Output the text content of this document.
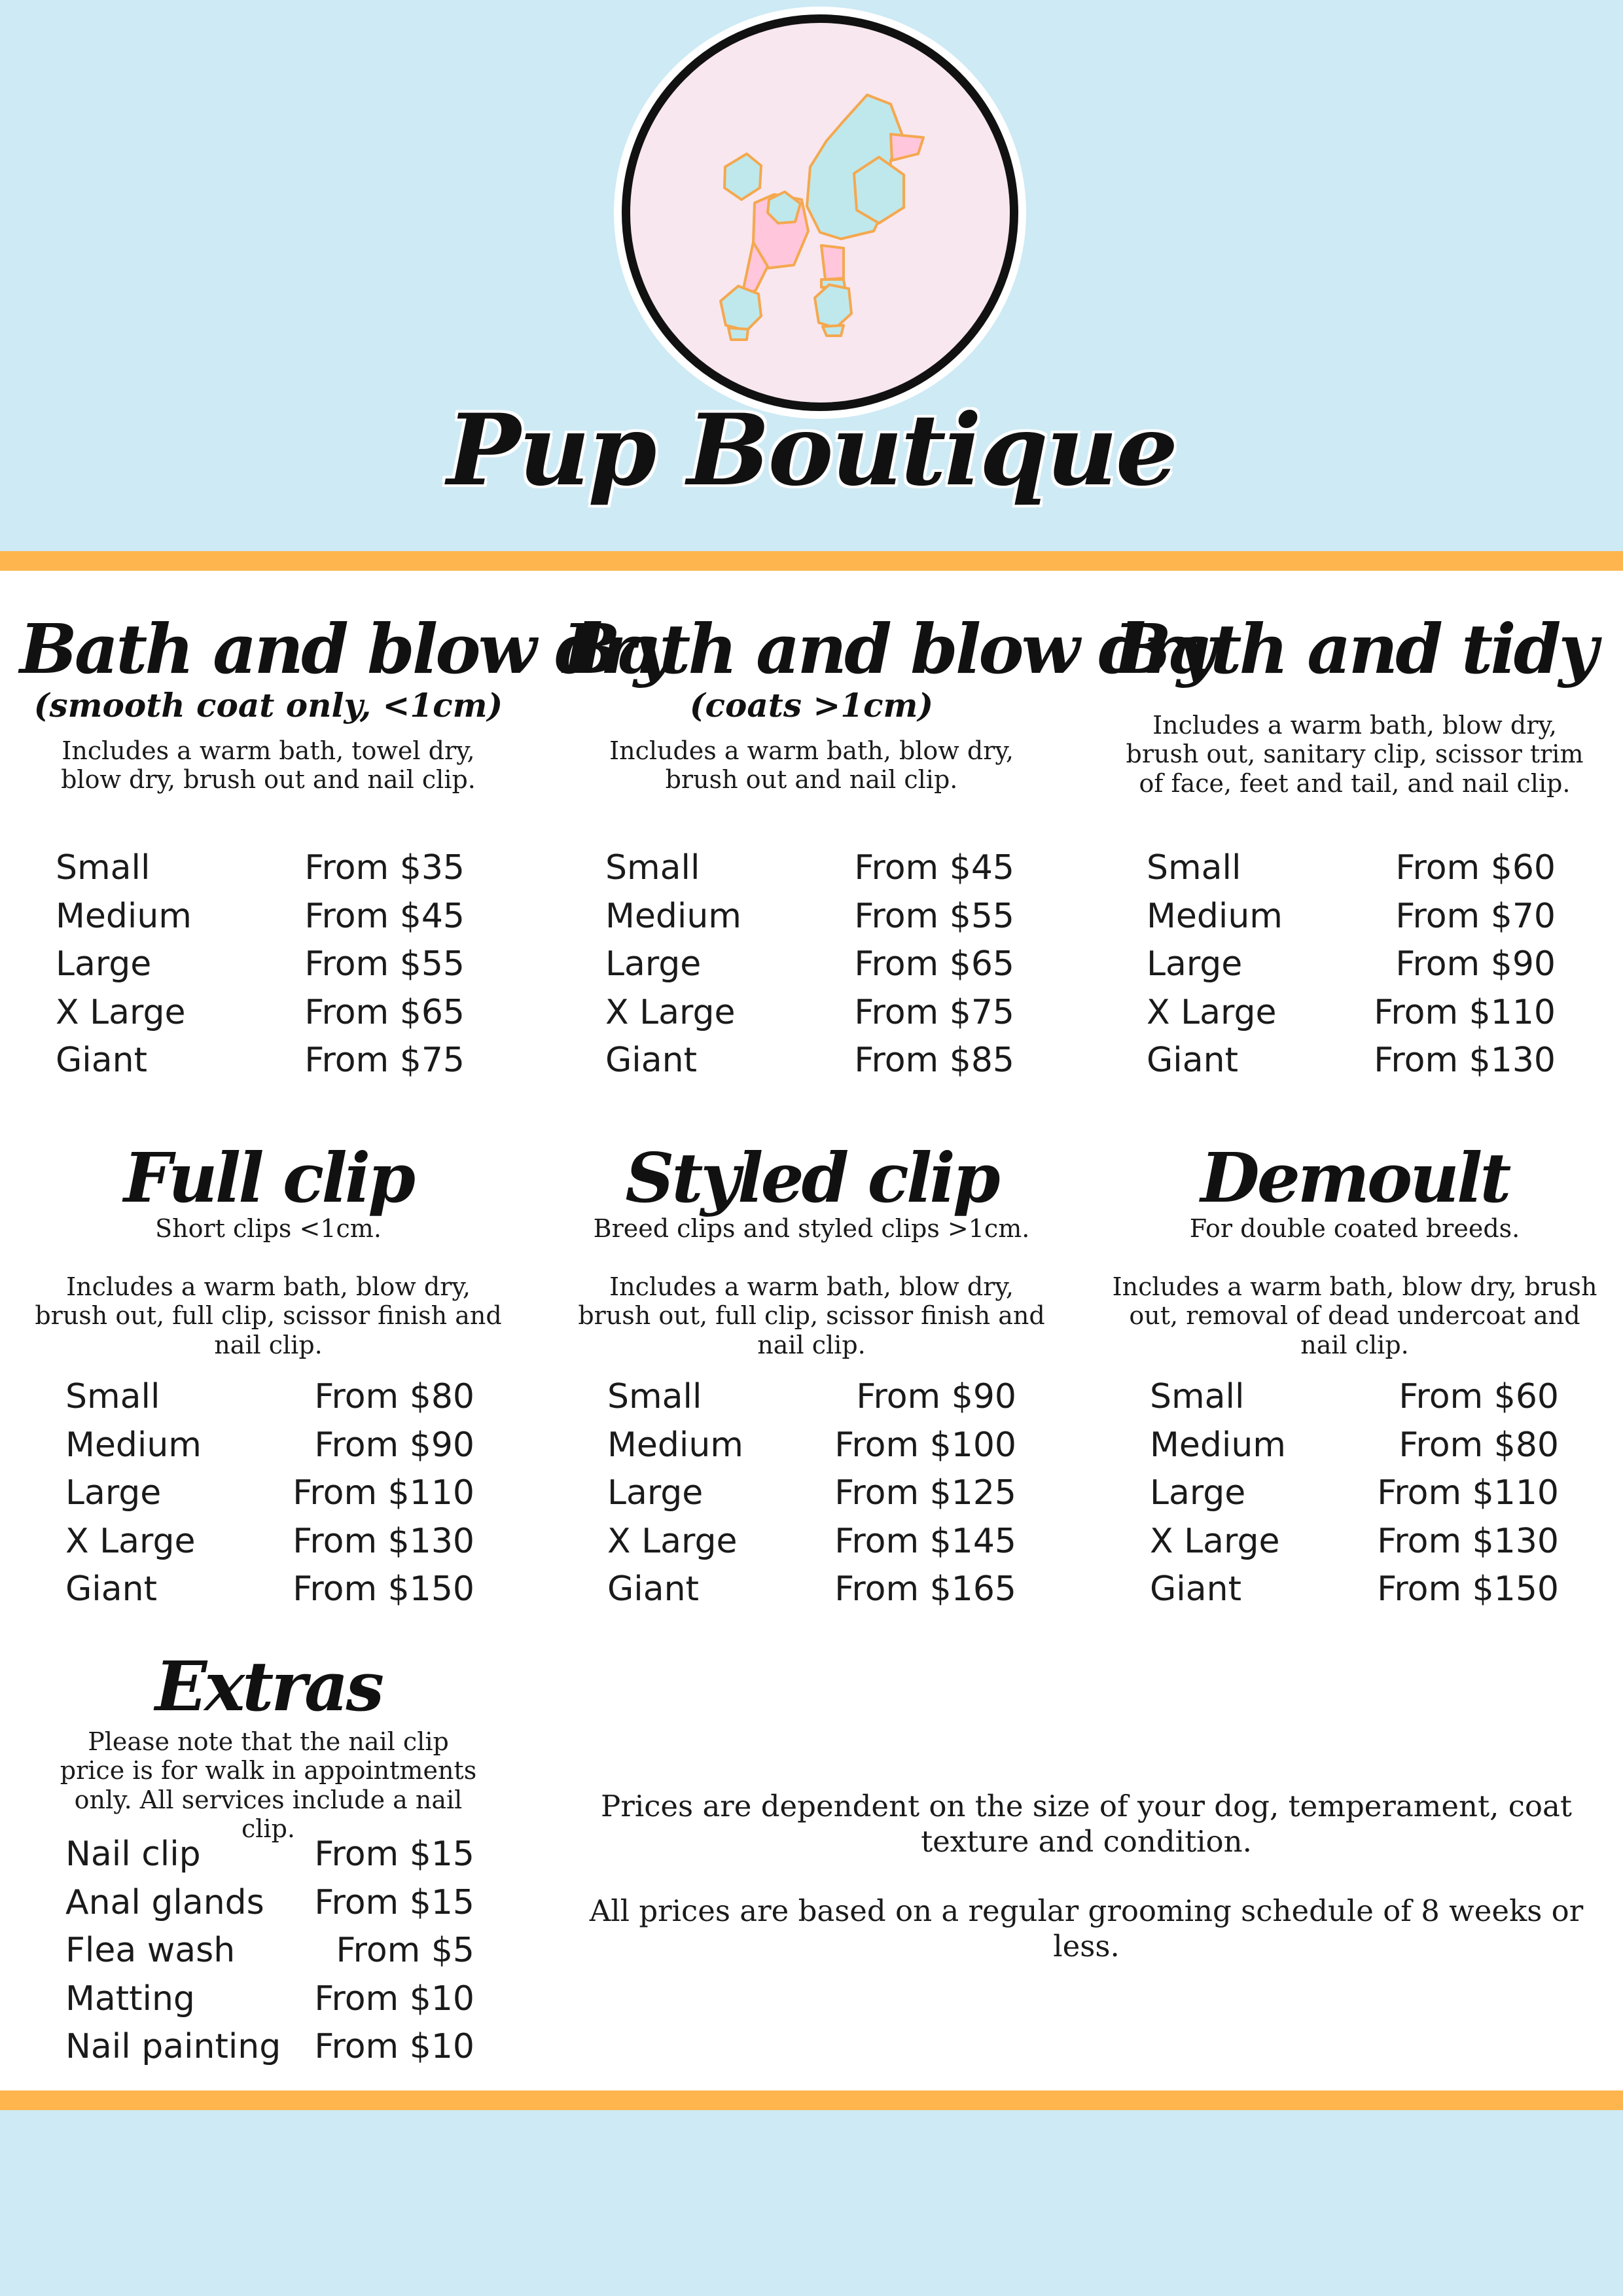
Pup Boutique
Bath and blow dry
(smooth coat only, <1cm)
Includes a warm bath, towel dry, blow dry, brush out and nail clip.
Small	From $35
Medium	From $45
Large	From $55
X Large	From $65
Giant	From $75
Bath and blow dry
(coats >1cm)
Includes a warm bath, blow dry, brush out and nail clip.
Small	From $45
Medium	From $55
Large	From $65
X Large	From $75
Giant	From $85
Bath and tidy
Includes a warm bath, blow dry, brush out, sanitary clip, scissor trim of face, feet and tail, and nail clip.
Small	From $60
Medium	From $70
Large	From $90
X Large	From $110
Giant	From $130
Full clip
Short clips <1cm.
Includes a warm bath, blow dry, brush out, full clip, scissor finish and nail clip.
Small	From $80
Medium	From $90
Large	From $110
X Large	From $130
Giant	From $150
Styled clip
Breed clips and styled clips >1cm.
Includes a warm bath, blow dry, brush out, full clip, scissor finish and nail clip.
Small	From $90
Medium	From $100
Large	From $125
X Large	From $145
Giant	From $165
Demoult
For double coated breeds.
Includes a warm bath, blow dry, brush out, removal of dead undercoat and nail clip.
Small	From $60
Medium	From $80
Large	From $110
X Large	From $130
Giant	From $150
Extras
Please note that the nail clip price is for walk in appointments only. All services include a nail clip.
Nail clip	From $15
Anal glands From $15
Flea wash	From $5
Matting	From $10
Nail painting From $10
Prices are dependent on the size of your dog, temperament, coat texture and condition.
All prices are based on a regular grooming schedule of 8 weeks or less.
